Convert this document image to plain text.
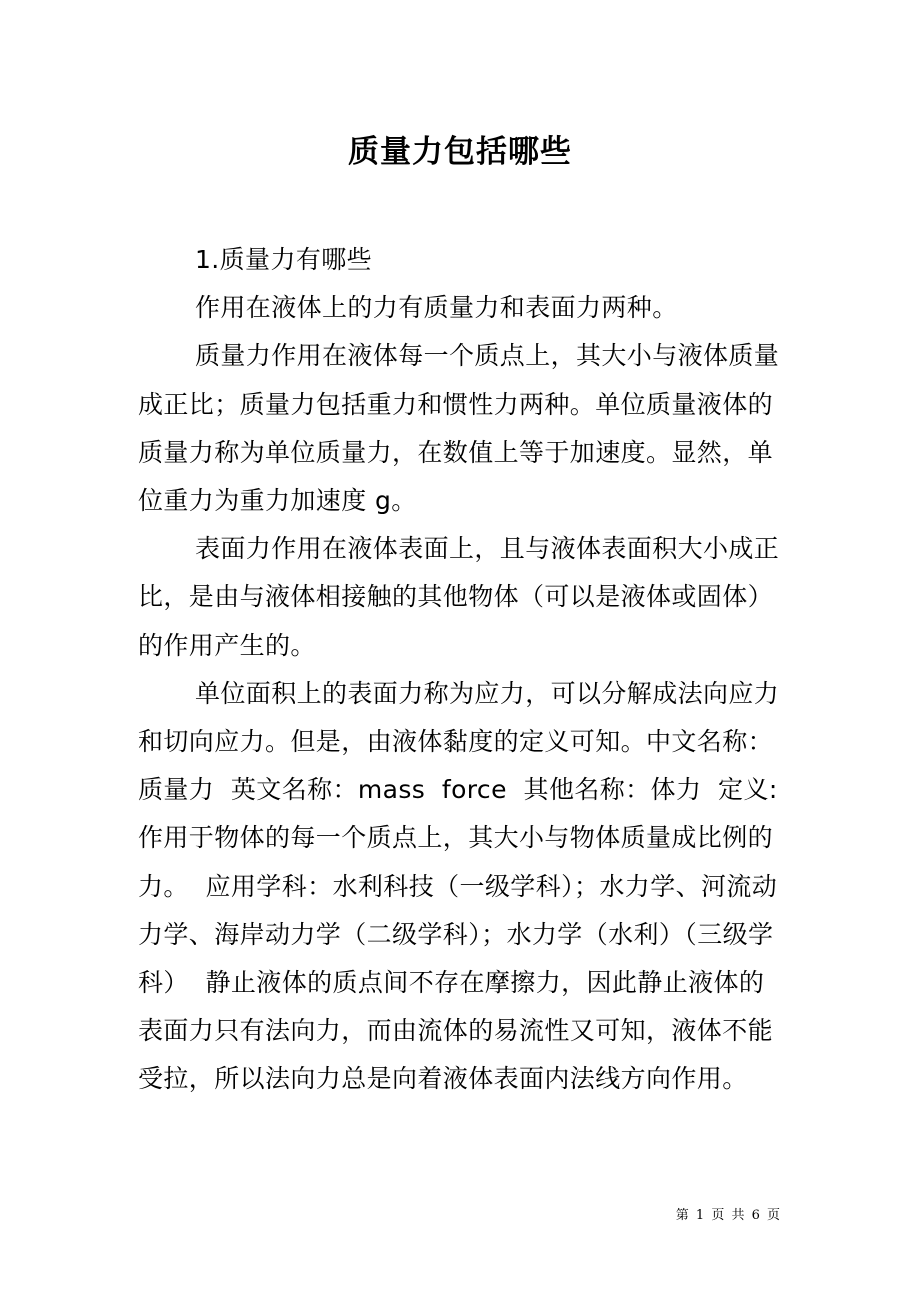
质量力包括哪些

1.质量力有哪些

作用在液体上的力有质量力和表面力两种。

质量力作用在液体每一个质点上，其大小与液体质量成正比；质量力包括重力和惯性力两种。单位质量液体的质量力称为单位质量力，在数值上等于加速度。显然，单位重力为重力加速度 g。

表面力作用在液体表面上，且与液体表面积大小成正比，是由与液体相接触的其他物体（可以是液体或固体）的作用产生的。

单位面积上的表面力称为应力，可以分解成法向应力和切向应力。但是，由液体黏度的定义可知。中文名称：质量力  英文名称：mass  force  其他名称：体力  定义:作用于物体的每一个质点上，其大小与物体质量成比例的力。  应用学科：水利科技（一级学科）；水力学、河流动力学、海岸动力学（二级学科）；水力学（水利）（三级学科）  静止液体的质点间不存在摩擦力，因此静止液体的表面力只有法向力，而由流体的易流性又可知，液体不能受拉，所以法向力总是向着液体表面内法线方向作用。

第 1 页 共 6 页
